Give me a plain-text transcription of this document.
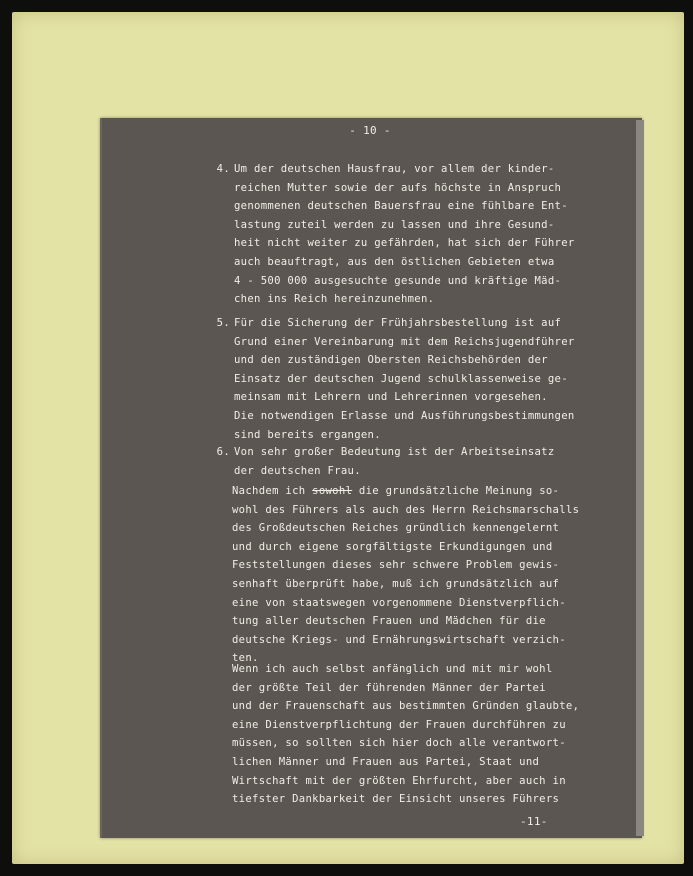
- 10 -
4. Um der deutschen Hausfrau, vor allem der kinder-
reichen Mutter sowie der aufs höchste in Anspruch
genommenen deutschen Bauersfrau eine fühlbare Ent-
lastung zuteil werden zu lassen und ihre Gesund-
heit nicht weiter zu gefährden, hat sich der Führer
auch beauftragt, aus den östlichen Gebieten etwa
4 - 500 000 ausgesuchte gesunde und kräftige Mäd-
chen ins Reich hereinzunehmen.
5. Für die Sicherung der Frühjahrsbestellung ist auf
Grund einer Vereinbarung mit dem Reichsjugendführer
und den zuständigen Obersten Reichsbehörden der
Einsatz der deutschen Jugend schulklassenweise ge-
meinsam mit Lehrern und Lehrerinnen vorgesehen.
Die notwendigen Erlasse und Ausführungsbestimmungen
sind bereits ergangen.
6. Von sehr großer Bedeutung ist der Arbeitseinsatz
der deutschen Frau.
Nachdem ich sowohl die grundsätzliche Meinung so-
wohl des Führers als auch des Herrn Reichsmarschalls
des Großdeutschen Reiches gründlich kennengelernt
und durch eigene sorgfältigste Erkundigungen und
Feststellungen dieses sehr schwere Problem gewis-
senhaft überprüft habe, muß ich grundsätzlich auf
eine von staatswegen vorgenommene Dienstverpflich-
tung aller deutschen Frauen und Mädchen für die
deutsche Kriegs- und Ernährungswirtschaft verzich-
ten.
Wenn ich auch selbst anfänglich und mit mir wohl
der größte Teil der führenden Männer der Partei
und der Frauenschaft aus bestimmten Gründen glaubte,
eine Dienstverpflichtung der Frauen durchführen zu
müssen, so sollten sich hier doch alle verantwort-
lichen Männer und Frauen aus Partei, Staat und
Wirtschaft mit der größten Ehrfurcht, aber auch in
tiefster Dankbarkeit der Einsicht unseres Führers
-11-
